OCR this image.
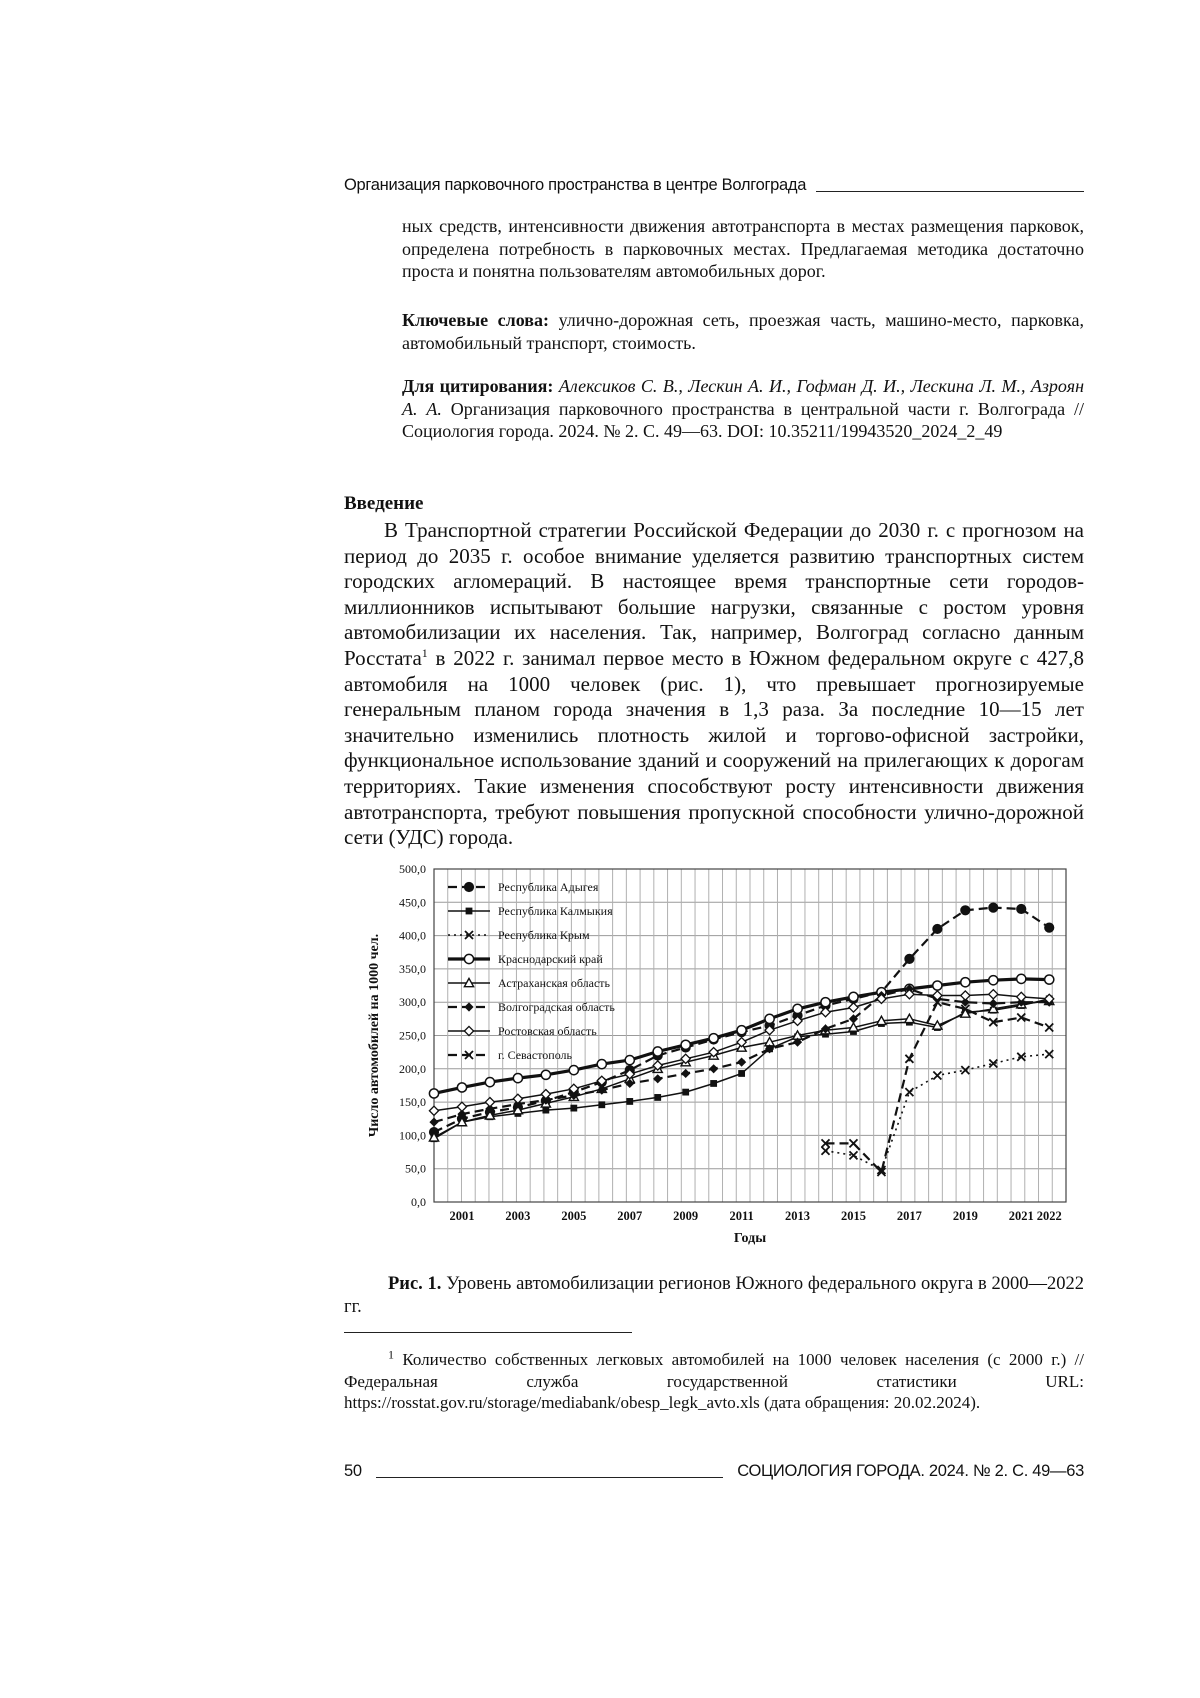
Организация парковочного пространства в центре Волгограда
ных средств, интенсивности движения автотранспорта в местах размещения парковок, определена потребность в парковочных местах. Предлагаемая методика достаточно проста и понятна пользователям автомобильных дорог.
Ключевые слова: улично-дорожная сеть, проезжая часть, машино-место, парковка, автомобильный транспорт, стоимость.
Для цитирования: Алексиков С. В., Лескин А. И., Гофман Д. И., Лескина Л. М., Азроян А. А. Организация парковочного пространства в центральной части г. Волгограда // Социология города. 2024. № 2. С. 49—63. DOI: 10.35211/19943520_2024_2_49
Введение
В Транспортной стратегии Российской Федерации до 2030 г. с прогнозом на период до 2035 г. особое внимание уделяется развитию транспортных систем городских агломераций. В настоящее время транспортные сети городов-миллионников испытывают большие нагрузки, связанные с ростом уровня автомобилизации их населения. Так, например, Волгоград согласно данным Росстата$^1$ в 2022 г. занимал первое место в Южном федеральном округе с 427,8 автомобиля на 1000 человек (рис. 1), что превышает прогнозируемые генеральным планом города значения в 1,3 раза. За последние 10—15 лет значительно изменились плотность жилой и торгово-офисной застройки, функциональное использование зданий и сооружений на прилегающих к дорогам территориях. Такие изменения способствуют росту интенсивности движения автотранспорта, требуют повышения пропускной способности улично-дорожной сети (УДС) города.
0,0
50,0
100,0
150,0
200,0
250,0
300,0
350,0
400,0
450,0
500,0
2001 2003 2005 2007 2009	2011	2013 2015 2017 2019 2021 2022
Годы
Число автомобилей на 1000 чел.
Республика Адыгея
Республика Калмыкия
Республика Крым
Краснодарский край
Астраханская область
Волгоградская область
Ростовская область
г. Севастополь
Рис. 1. Уровень автомобилизации регионов Южного федерального округа в 2000—2022 гг.
$^1$ Количество собственных легковых автомобилей на 1000 человек населения (с 2000 г.) // Федеральная служба государственной статистики URL: https://rosstat.gov.ru/storage/mediabank/obesp_legk_avto.xls (дата обращения: 20.02.2024).
50	СОЦИОЛОГИЯ ГОРОДА. 2024. № 2. С. 49—63
